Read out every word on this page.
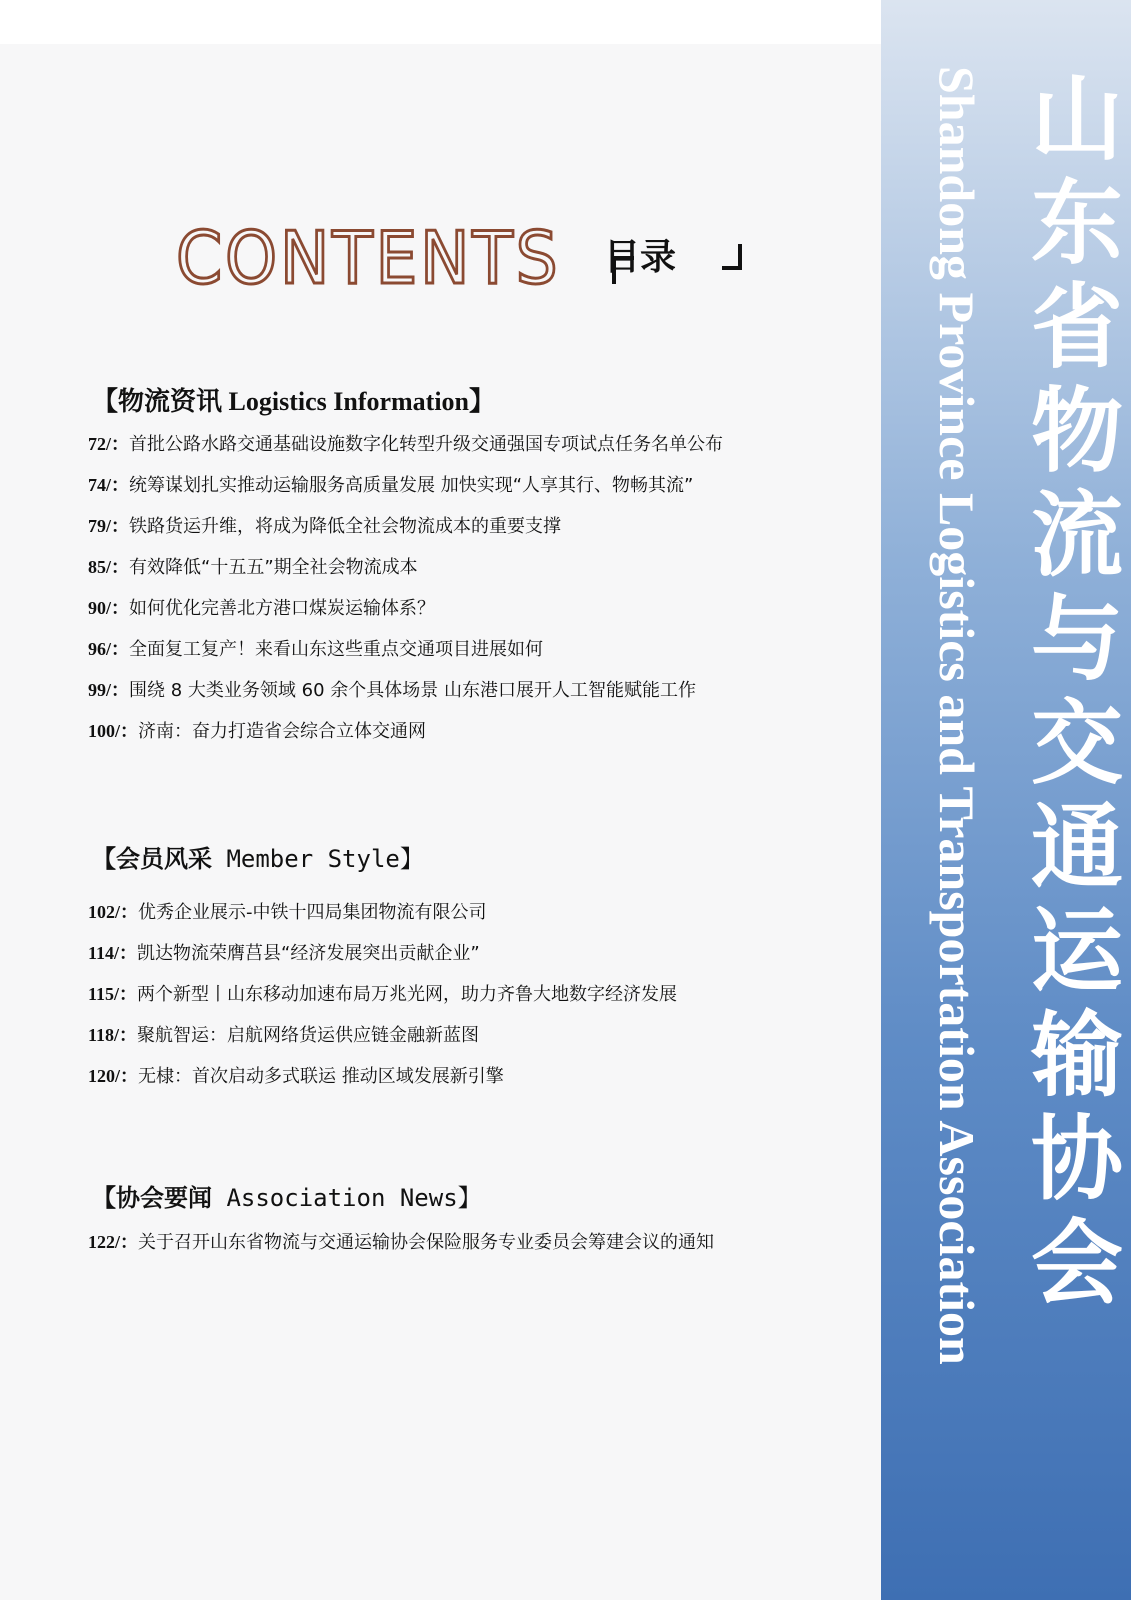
山东省物流与交通运输协会
Shandong Province Logistics and Transportation Association
CONTENTS 目录
【物流资讯 Logistics Information】
72/：首批公路水路交通基础设施数字化转型升级交通强国专项试点任务名单公布
74/：统筹谋划扎实推动运输服务高质量发展 加快实现“人享其行、物畅其流”
79/：铁路货运升维，将成为降低全社会物流成本的重要支撑
85/：有效降低“十五五”期全社会物流成本
90/：如何优化完善北方港口煤炭运输体系？
96/：全面复工复产！来看山东这些重点交通项目进展如何
99/：围绕 8 大类业务领域 60 余个具体场景 山东港口展开人工智能赋能工作
100/：济南：奋力打造省会综合立体交通网
【会员风采 Member Style】
102/：优秀企业展示-中铁十四局集团物流有限公司
114/：凯达物流荣膺莒县“经济发展突出贡献企业”
115/：两个新型丨山东移动加速布局万兆光网，助力齐鲁大地数字经济发展
118/：聚航智运：启航网络货运供应链金融新蓝图
120/：无棣：首次启动多式联运 推动区域发展新引擎
【协会要闻 Association News】
122/：关于召开山东省物流与交通运输协会保险服务专业委员会筹建会议的通知
